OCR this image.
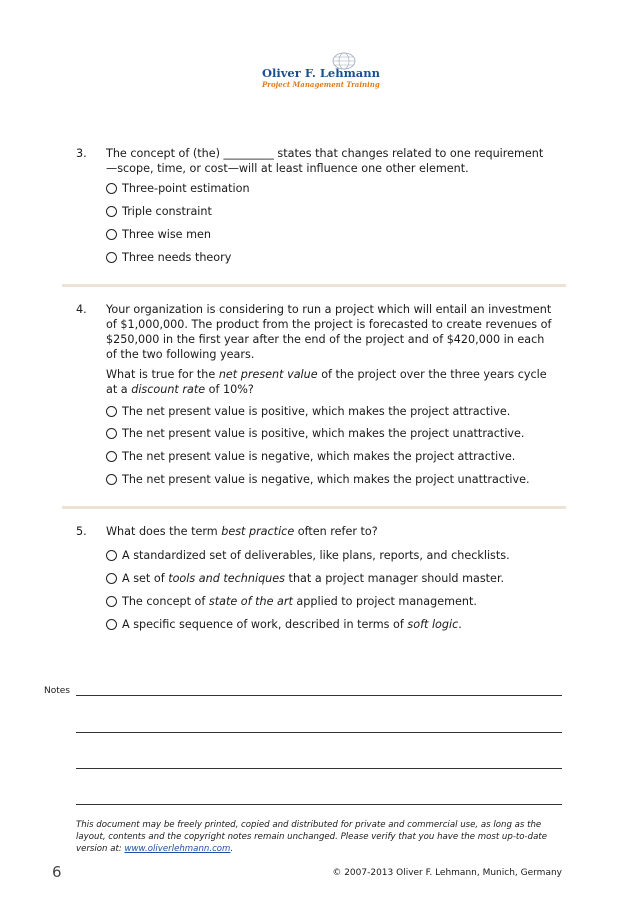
Oliver F. Lehmann
Project Management Training
3. The concept of (the) _________ states that changes related to one requirement—scope, time, or cost—will at least influence one other element.
Three-point estimation
Triple constraint
Three wise men
Three needs theory
4. Your organization is considering to run a project which will entail an investment of $1,000,000. The product from the project is forecasted to create revenues of $250,000 in the first year after the end of the project and of $420,000 in each of the two following years.
What is true for the net present value of the project over the three years cycle at a discount rate of 10%?
The net present value is positive, which makes the project attractive.
The net present value is positive, which makes the project unattractive.
The net present value is negative, which makes the project attractive.
The net present value is negative, which makes the project unattractive.
5. What does the term best practice often refer to?
A standardized set of deliverables, like plans, reports, and checklists.
A set of tools and techniques that a project manager should master.
The concept of state of the art applied to project management.
A specific sequence of work, described in terms of soft logic.
Notes
This document may be freely printed, copied and distributed for private and commercial use, as long as the layout, contents and the copyright notes remain unchanged. Please verify that you have the most up-to-date version at: www.oliverlehmann.com.
6	© 2007-2013 Oliver F. Lehmann, Munich, Germany
